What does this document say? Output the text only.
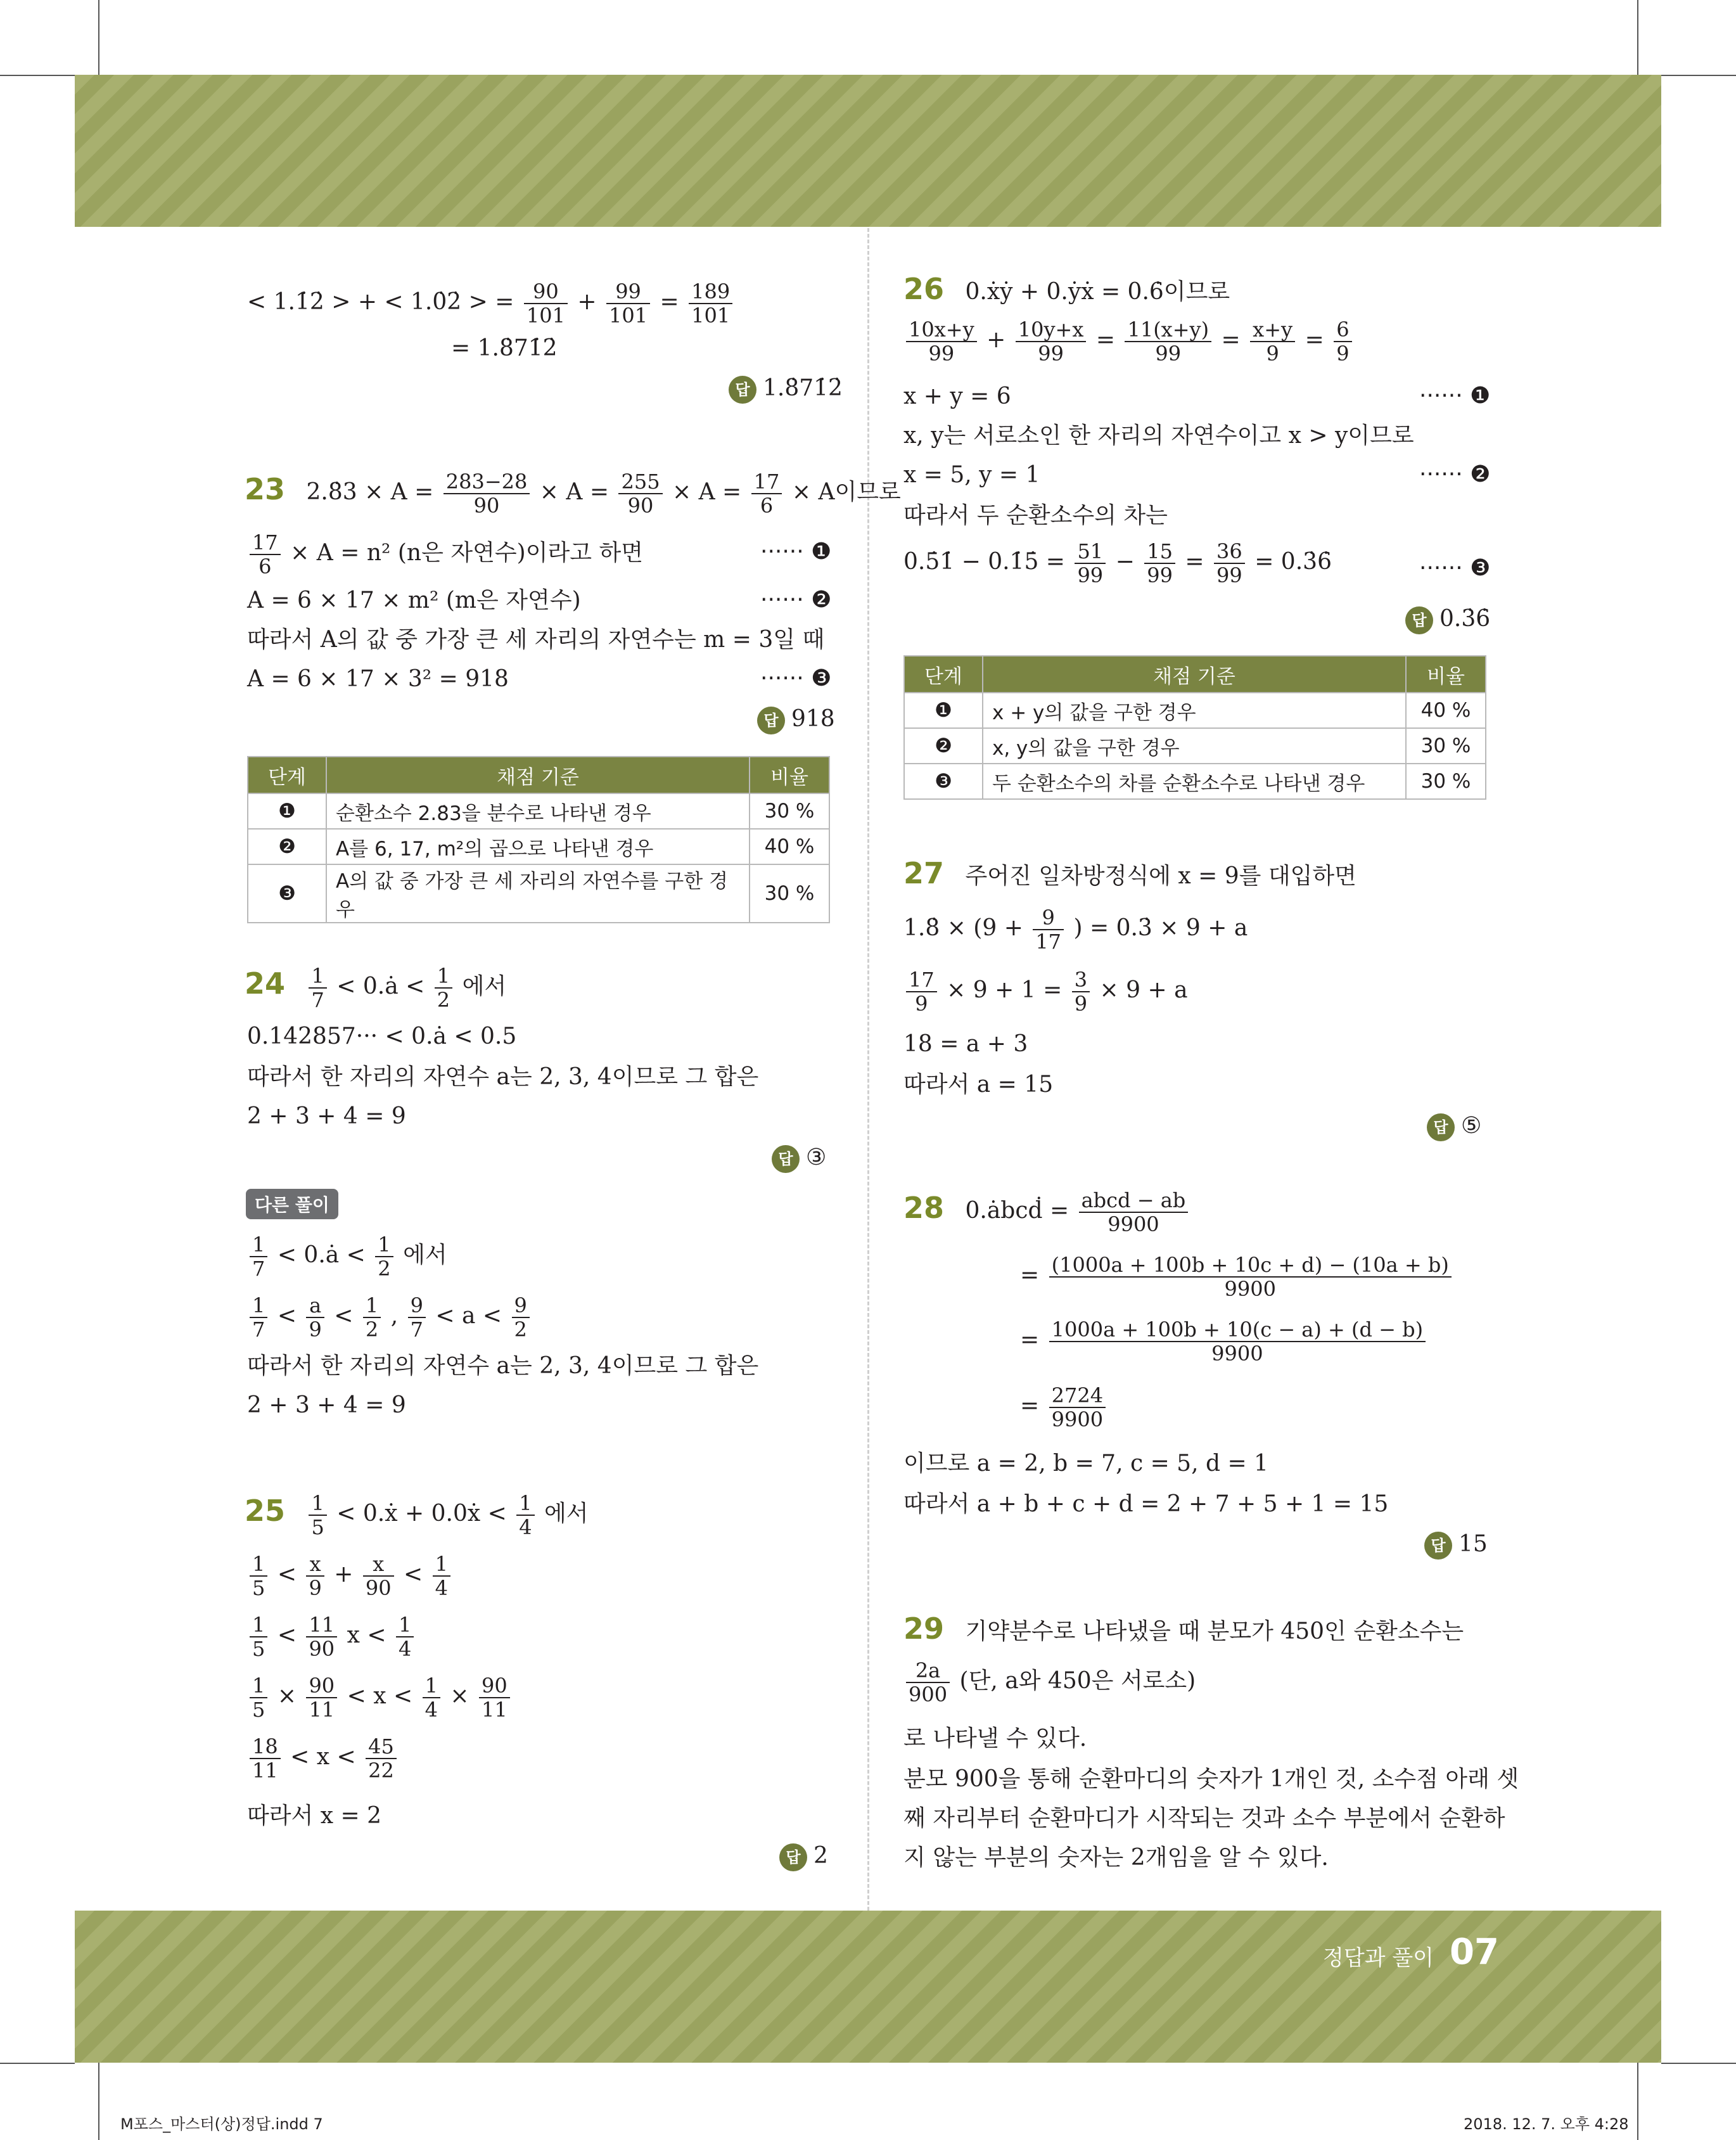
< 1.1̇2̇ > + < 1.0̇2̇ > = $\frac{90}{101} + \frac{99}{101} = \frac{189}{101}$
= 1.8̇71̇2̇
답 1.8̇71̇2̇
23 2.8̇3 × $A = \frac{283-28}{90} \times A = \frac{255}{90} \times A = \frac{17}{6} \times A$이므로
$\frac{17}{6} \times A = n^2$ (n은 자연수)이라고 하면	······ ❶
A = 6 × 17 × m² (m은 자연수)	······ ❷
따라서 A의 값 중 가장 큰 세 자리의 자연수는 m = 3일 때
A = 6 × 17 × 3² = 918	······ ❸
답 918
단계	채점 기준	비율
❶	순환소수 2.8̇3을 분수로 나타낸 경우	30 %
❷	A를 6, 17, m²의 곱으로 나타낸 경우	40 %
❸	A의 값 중 가장 큰 세 자리의 자연수를 구한 경우	30 %
$24 \frac{1}{7}$ < 0.ȧ < $\frac{1}{2}$ 에서
0.142857··· < 0.ȧ < 0.5
따라서 한 자리의 자연수 a는 2, 3, 4이므로 그 합은
2 + 3 + 4 = 9
답 ③
다른 풀이
$\frac{1}{7}$ < 0.ȧ < $\frac{1}{2}$ 에서
$\frac{1}{7} < \frac{a}{9} < \frac{1}{2}$ , $\frac{9}{7} < a < \frac{9}{2}$
따라서 한 자리의 자연수 a는 2, 3, 4이므로 그 합은
2 + 3 + 4 = 9
$25 \frac{1}{5}$ < 0.ẋ + 0.0ẋ < $\frac{1}{4}$ 에서
$\frac{1}{5} < \frac{x}{9} + \frac{x}{90} < \frac{1}{4}$
$\frac{1}{5} < \frac{11}{90}$ $x < \frac{1}{4}$
$\frac{1}{5} \times \frac{90}{11} < x < \frac{1}{4} \times \frac{90}{11}$
$\frac{18}{11} < x < \frac{45}{22}$
따라서 x = 2
답 2
26 0.ẋẏ + 0.ẏẋ = 0.6̇이므로
$\frac{10x+y}{99} + \frac{10y+x}{99} = \frac{11(x+y)}{99} = \frac{x+y}{9} = \frac{6}{9}$
x + y = 6	······ ❶
x, y는 서로소인 한 자리의 자연수이고 x > y이므로
x = 5, y = 1	······ ❷
따라서 두 순환소수의 차는
0.5̇1̇ − 0.1̇5̇ = $\frac{51}{99} - \frac{15}{99} = \frac{36}{99}$ = 0.3̇6̇	······ ❸
답 0.3̇6̇
단계	채점 기준	비율
❶	x + y의 값을 구한 경우	40 %
❷	x, y의 값을 구한 경우	30 %
❸	두 순환소수의 차를 순환소수로 나타낸 경우	30 %
27 주어진 일차방정식에 x = 9를 대입하면
1.8̇ × ($9 + \frac{9}{17}$ ) = 0.3̇ × 9 + a
$\frac{17}{9} \times 9 + 1 = \frac{3}{9} \times 9 + a$
18 = a + 3
따라서 a = 15
답 ⑤
28 0.ȧbcḋ = $\frac{\text{abcd − ab}}{9900}$
= $\frac{(1000a + 100b + 10c + d) - (10a + b)}{9900}$
= $\frac{1000a + 100b + 10(c - a) + (d - b)}{9900}$
= $\frac{2724}{9900}$
이므로 a = 2, b = 7, c = 5, d = 1
따라서 a + b + c + d = 2 + 7 + 5 + 1 = 15
답 15
29 기약분수로 나타냈을 때 분모가 450인 순환소수는
$\frac{2a}{900}$ (단, a와 450은 서로소)
로 나타낼 수 있다.
분모 900을 통해 순환마디의 숫자가 1개인 것, 소수점 아래 셋
째 자리부터 순환마디가 시작되는 것과 소수 부분에서 순환하
지 않는 부분의 숫자는 2개임을 알 수 있다.
정답과 풀이 07
M포스_마스터(상)정답.indd 7	2018. 12. 7. 오후 4:28
